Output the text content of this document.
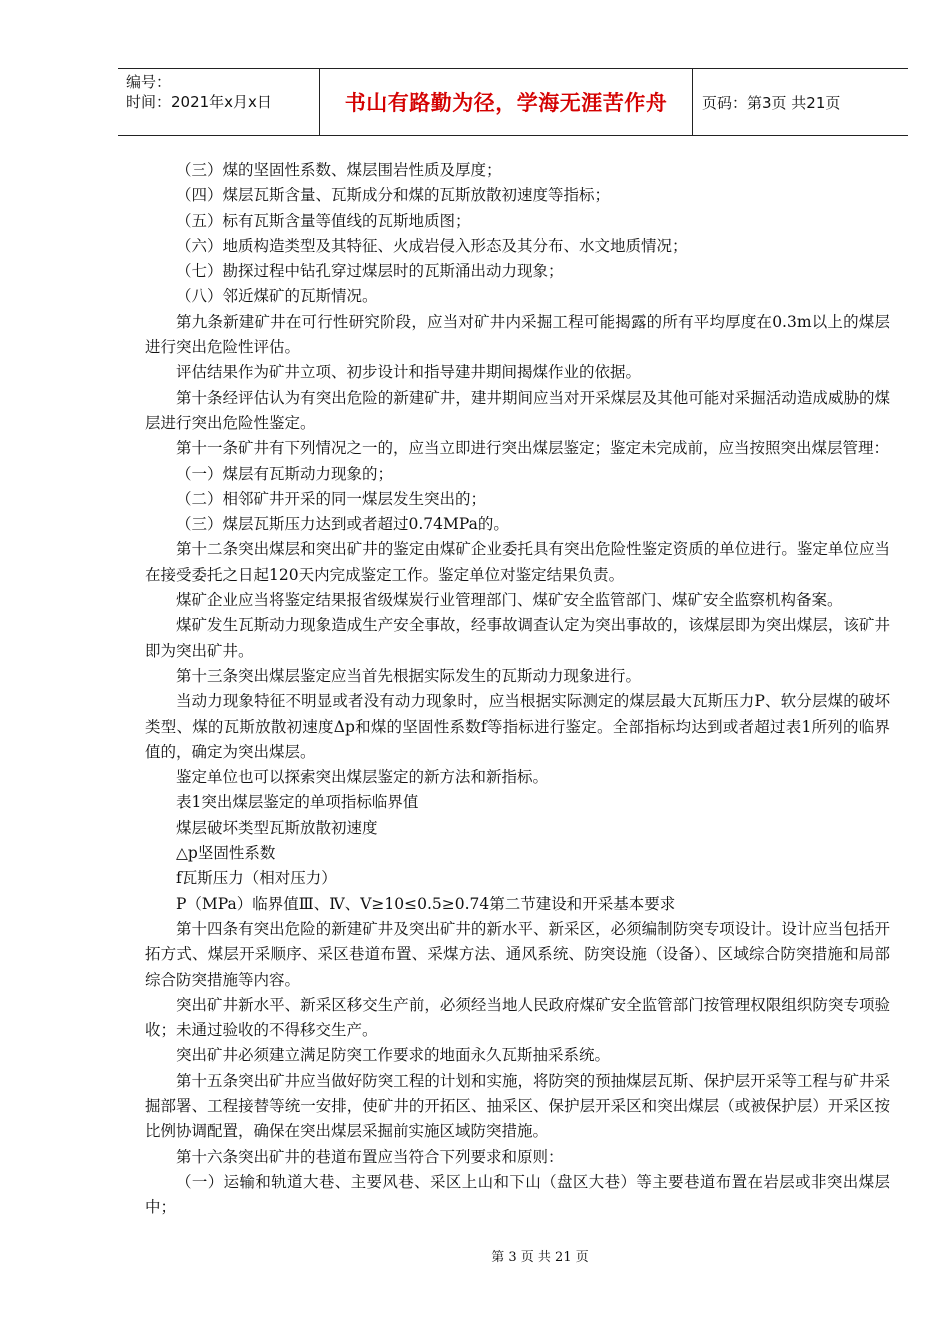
编号：
时间：2021年x月x日	书山有路勤为径，学海无涯苦作舟	页码：第3页 共21页

（三）煤的坚固性系数、煤层围岩性质及厚度；

（四）煤层瓦斯含量、瓦斯成分和煤的瓦斯放散初速度等指标；

（五）标有瓦斯含量等值线的瓦斯地质图；

（六）地质构造类型及其特征、火成岩侵入形态及其分布、水文地质情况；

（七）勘探过程中钻孔穿过煤层时的瓦斯涌出动力现象；

（八）邻近煤矿的瓦斯情况。

第九条新建矿井在可行性研究阶段，应当对矿井内采掘工程可能揭露的所有平均厚度在0.3m以上的煤层进行突出危险性评估。

评估结果作为矿井立项、初步设计和指导建井期间揭煤作业的依据。

第十条经评估认为有突出危险的新建矿井，建井期间应当对开采煤层及其他可能对采掘活动造成威胁的煤层进行突出危险性鉴定。

第十一条矿井有下列情况之一的，应当立即进行突出煤层鉴定；鉴定未完成前，应当按照突出煤层管理：

（一）煤层有瓦斯动力现象的；

（二）相邻矿井开采的同一煤层发生突出的；

（三）煤层瓦斯压力达到或者超过0.74MPa的。

第十二条突出煤层和突出矿井的鉴定由煤矿企业委托具有突出危险性鉴定资质的单位进行。鉴定单位应当在接受委托之日起120天内完成鉴定工作。鉴定单位对鉴定结果负责。

煤矿企业应当将鉴定结果报省级煤炭行业管理部门、煤矿安全监管部门、煤矿安全监察机构备案。

煤矿发生瓦斯动力现象造成生产安全事故，经事故调查认定为突出事故的，该煤层即为突出煤层，该矿井即为突出矿井。

第十三条突出煤层鉴定应当首先根据实际发生的瓦斯动力现象进行。

当动力现象特征不明显或者没有动力现象时，应当根据实际测定的煤层最大瓦斯压力P、软分层煤的破坏类型、煤的瓦斯放散初速度Δp和煤的坚固性系数f等指标进行鉴定。全部指标均达到或者超过表1所列的临界值的，确定为突出煤层。

鉴定单位也可以探索突出煤层鉴定的新方法和新指标。

表1突出煤层鉴定的单项指标临界值

煤层破坏类型瓦斯放散初速度

△p坚固性系数

f瓦斯压力（相对压力）

P（MPa）临界值Ⅲ、Ⅳ、Ⅴ≥10≤0.5≥0.74第二节建设和开采基本要求

第十四条有突出危险的新建矿井及突出矿井的新水平、新采区，必须编制防突专项设计。设计应当包括开拓方式、煤层开采顺序、采区巷道布置、采煤方法、通风系统、防突设施（设备）、区域综合防突措施和局部综合防突措施等内容。

突出矿井新水平、新采区移交生产前，必须经当地人民政府煤矿安全监管部门按管理权限组织防突专项验收；未通过验收的不得移交生产。

突出矿井必须建立满足防突工作要求的地面永久瓦斯抽采系统。

第十五条突出矿井应当做好防突工程的计划和实施，将防突的预抽煤层瓦斯、保护层开采等工程与矿井采掘部署、工程接替等统一安排，使矿井的开拓区、抽采区、保护层开采区和突出煤层（或被保护层）开采区按比例协调配置，确保在突出煤层采掘前实施区域防突措施。

第十六条突出矿井的巷道布置应当符合下列要求和原则：

（一）运输和轨道大巷、主要风巷、采区上山和下山（盘区大巷）等主要巷道布置在岩层或非突出煤层中；

第 3 页 共 21 页
